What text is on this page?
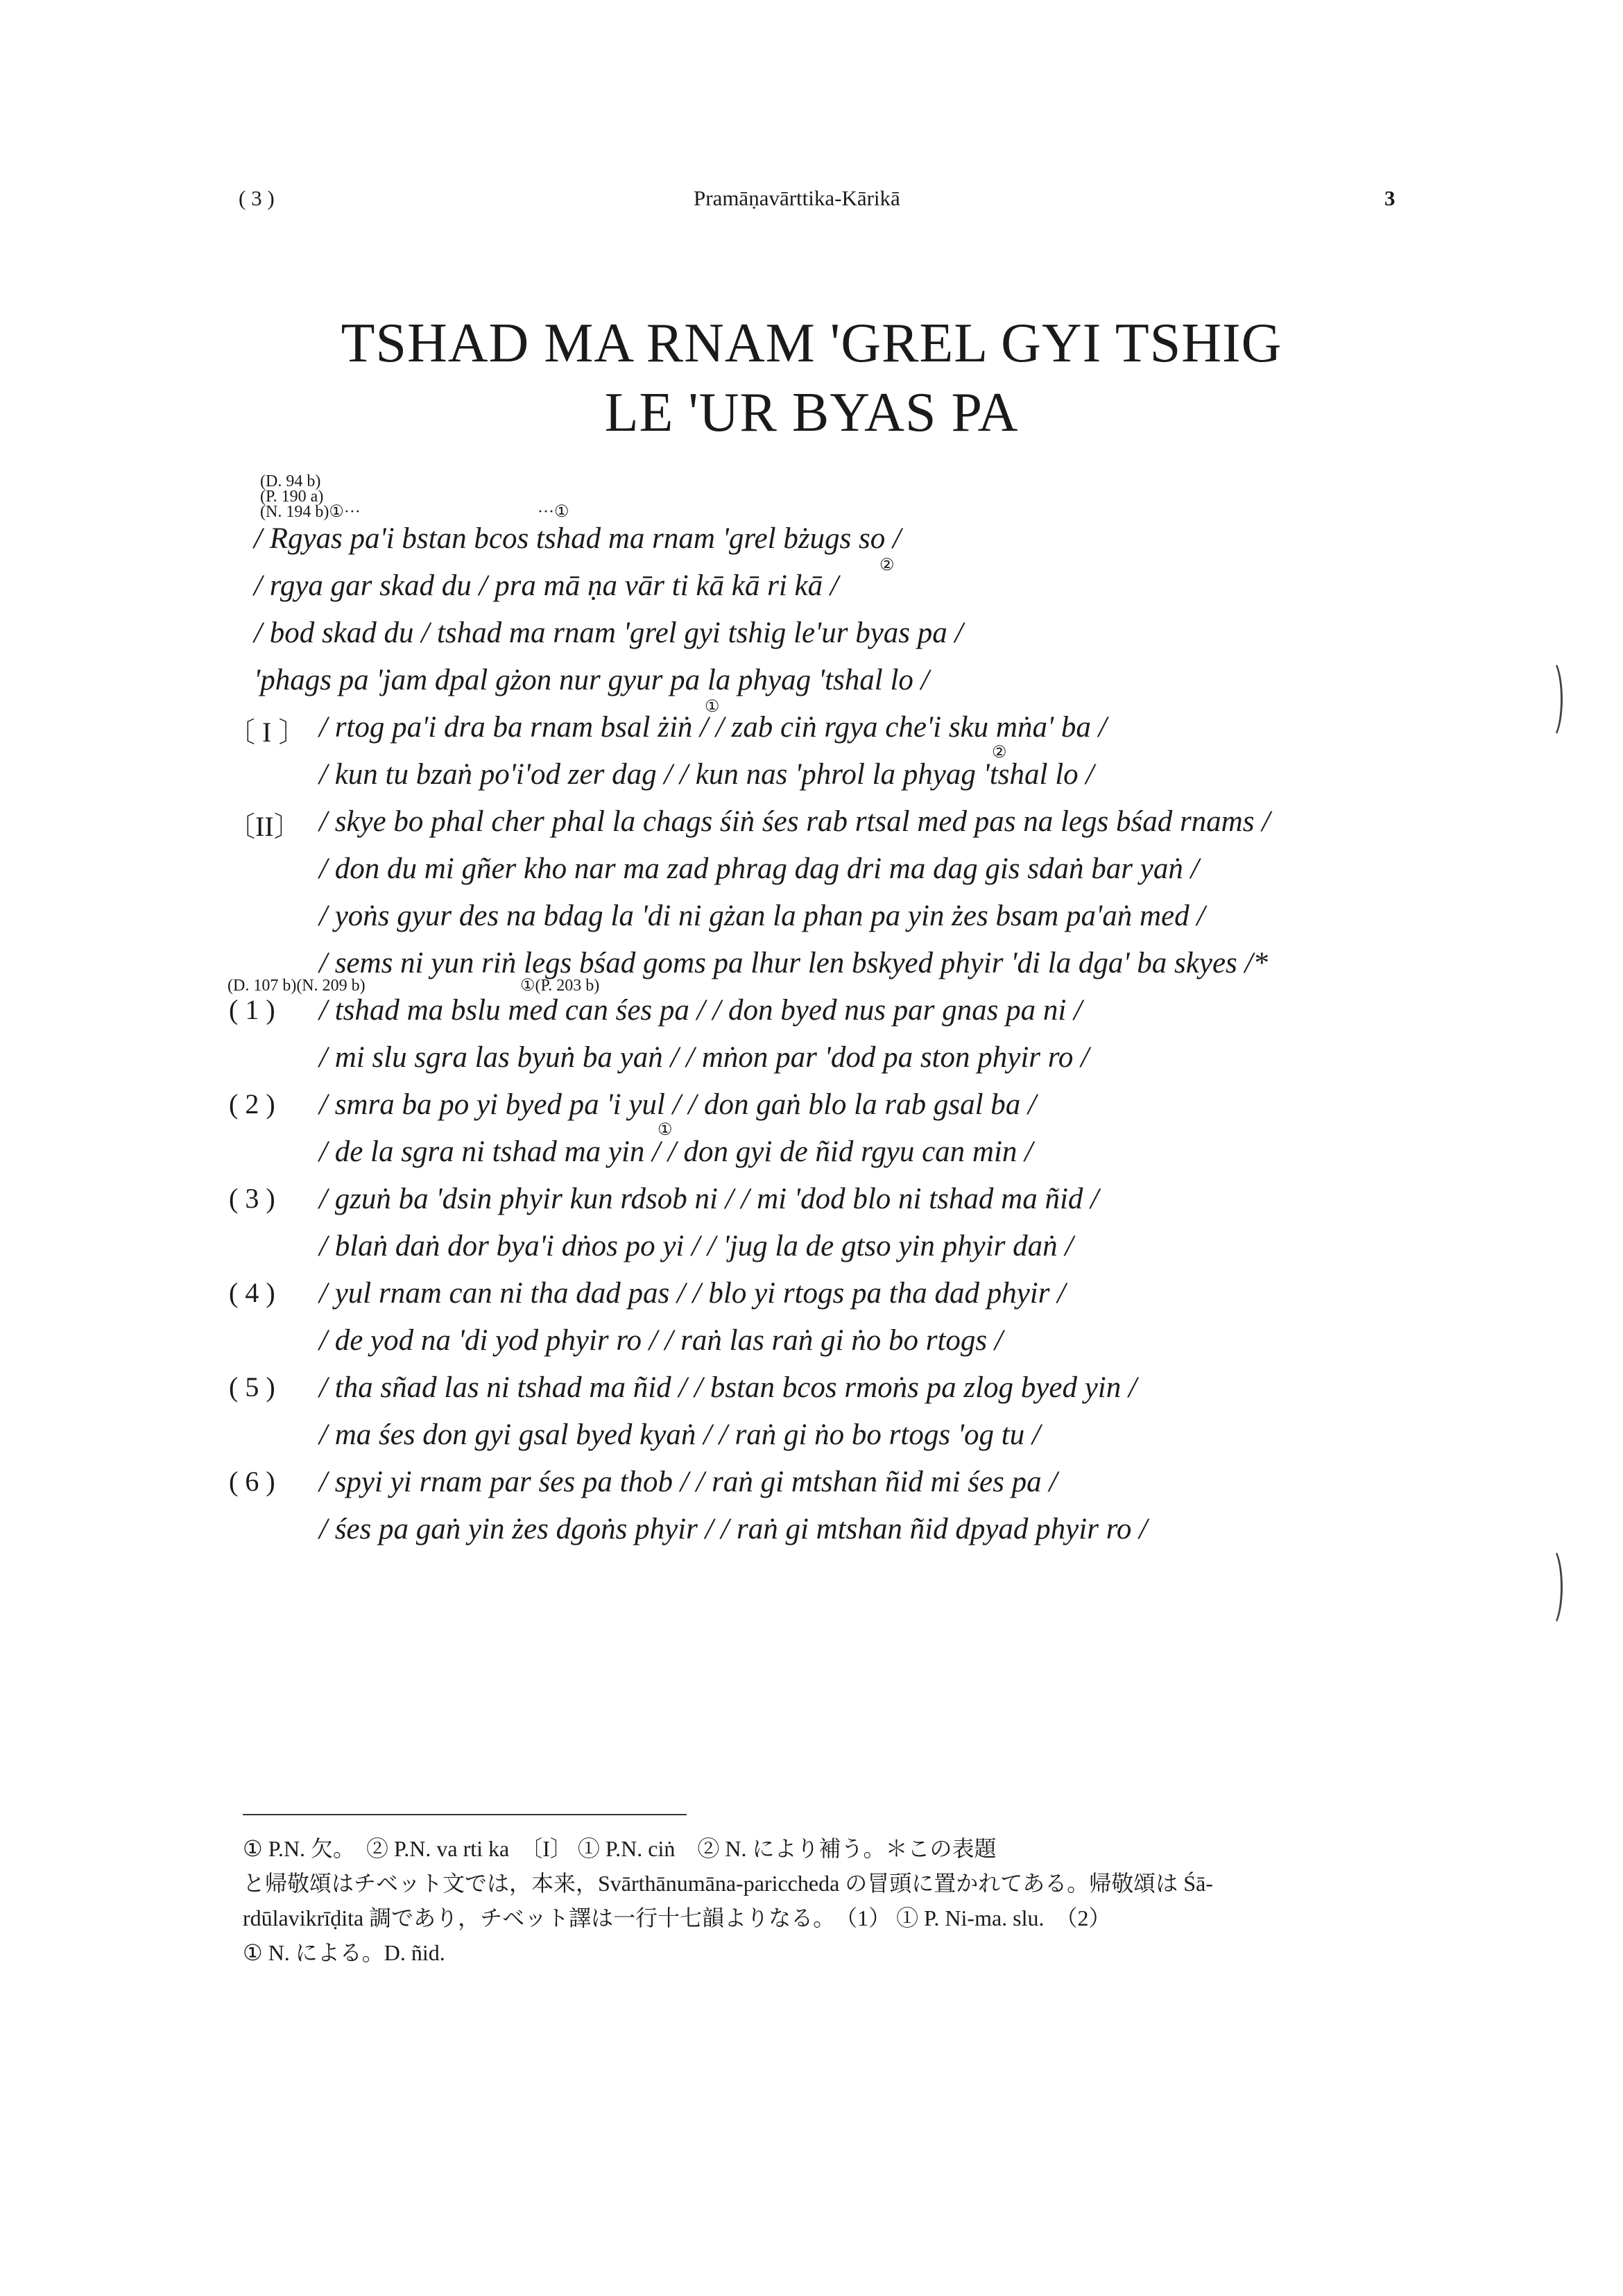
( 3 )	Pramāṇavārttika-Kārikā	3
TSHAD MA RNAM 'GREL GYI TSHIG
LE 'UR BYAS PA
(D. 94 b)
(P. 190 a)
(N. 194 b)①···	···①
/ Rgyas pa'i bstan bcos tshad ma rnam 'grel bżugs so /
②
/ rgya gar skad du / pra mā ṇa vār ti kā kā ri kā /
/ bod skad du / tshad ma rnam 'grel gyi tshig le'ur byas pa /
'phags pa 'jam dpal gżon nur gyur pa la phyag 'tshal lo /
①
〔 I 〕 / rtog pa'i dra ba rnam bsal żiṅ / / zab ciṅ rgya che'i sku mṅa' ba /
②
/ kun tu bzaṅ po'i'od zer dag / / kun nas 'phrol la phyag 'tshal lo /
〔II〕 / skye bo phal cher phal la chags śiṅ śes rab rtsal med pas na legs bśad rnams /
/ don du mi gñer kho nar ma zad phrag dag dri ma dag gis sdaṅ bar yaṅ /
/ yoṅs gyur des na bdag la 'di ni gżan la phan pa yin żes bsam pa'aṅ med /
/ sems ni yun riṅ legs bśad goms pa lhur len bskyed phyir 'di la dga' ba skyes /*
(D. 107 b)(N. 209 b)	①(P. 203 b)
( 1 ) / tshad ma bslu med can śes pa / / don byed nus par gnas pa ni /
/ mi slu sgra las byuṅ ba yaṅ / / mṅon par 'dod pa ston phyir ro /
( 2 ) / smra ba po yi byed pa 'i yul / / don gaṅ blo la rab gsal ba /
①
/ de la sgra ni tshad ma yin / / don gyi de ñid rgyu can min /
( 3 ) / gzuṅ ba 'dsin phyir kun rdsob ni / / mi 'dod blo ni tshad ma ñid /
/ blaṅ daṅ dor bya'i dṅos po yi / / 'jug la de gtso yin phyir daṅ /
( 4 ) / yul rnam can ni tha dad pas / / blo yi rtogs pa tha dad phyir /
/ de yod na 'di yod phyir ro / / raṅ las raṅ gi ṅo bo rtogs /
( 5 ) / tha sñad las ni tshad ma ñid / / bstan bcos rmoṅs pa zlog byed yin /
/ ma śes don gyi gsal byed kyaṅ / / raṅ gi ṅo bo rtogs 'og tu /
( 6 ) / spyi yi rnam par śes pa thob / / raṅ gi mtshan ñid mi śes pa /
/ śes pa gaṅ yin żes dgoṅs phyir / / raṅ gi mtshan ñid dpyad phyir ro /
① P.N. 欠。　② P.N. va rti ka　〔I〕 ① P.N. ciṅ　② N. により補う。＊この表題
と帰敬頌はチベット文では，本来，Svārthānumāna-pariccheda の冒頭に置かれてある。帰敬頌は Śā-
rdūlavikrīḍita 調であり，チベット譯は一行十七韻よりなる。　（1） ① P. Ni-ma. slu.　（2）
① N. による。D. ñid.
